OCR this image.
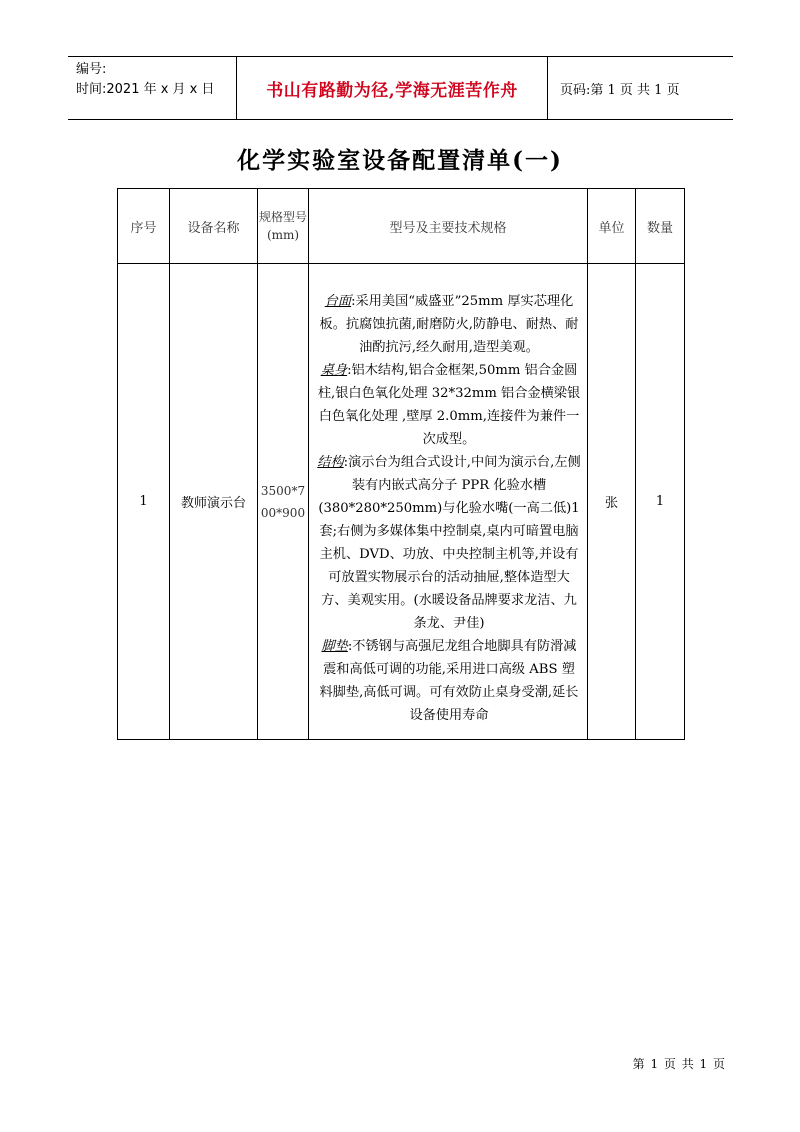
编号:
时间:2021 年 x 月 x 日	书山有路勤为径,学海无涯苦作舟	页码:第 1 页 共 1 页
化学实验室设备配置清单(一)
序号	设备名称	规格型号(mm)	型号及主要技术规格	单位	数量
1	教师演示台	3500*700*900	台面:采用美国“威盛亚”25mm 厚实芯理化板。抗腐蚀抗菌,耐磨防火,防静电、耐热、耐油酌抗污,经久耐用,造型美观。
桌身:铝木结构,铝合金框架,50mm 铝合金圆柱,银白色氧化处理 32*32mm 铝合金横梁银白色氧化处理 ,壁厚 2.0mm,连接件为兼件一次成型。
结构:演示台为组合式设计,中间为演示台,左侧装有内嵌式高分子 PPR 化验水槽(380*280*250mm)与化验水嘴(一高二低)1 套;右侧为多媒体集中控制桌,桌内可暗置电脑主机、DVD、功放、中央控制主机等,并设有可放置实物展示台的活动抽屉,整体造型大方、美观实用。(水暖设备品牌要求龙洁、九条龙、尹佳)
脚垫:不锈钢与高强尼龙组合地脚具有防滑减震和高低可调的功能,采用进口高级 ABS 塑料脚垫,高低可调。可有效防止桌身受潮,延长设备使用寿命	张	1
第 1 页 共 1 页
